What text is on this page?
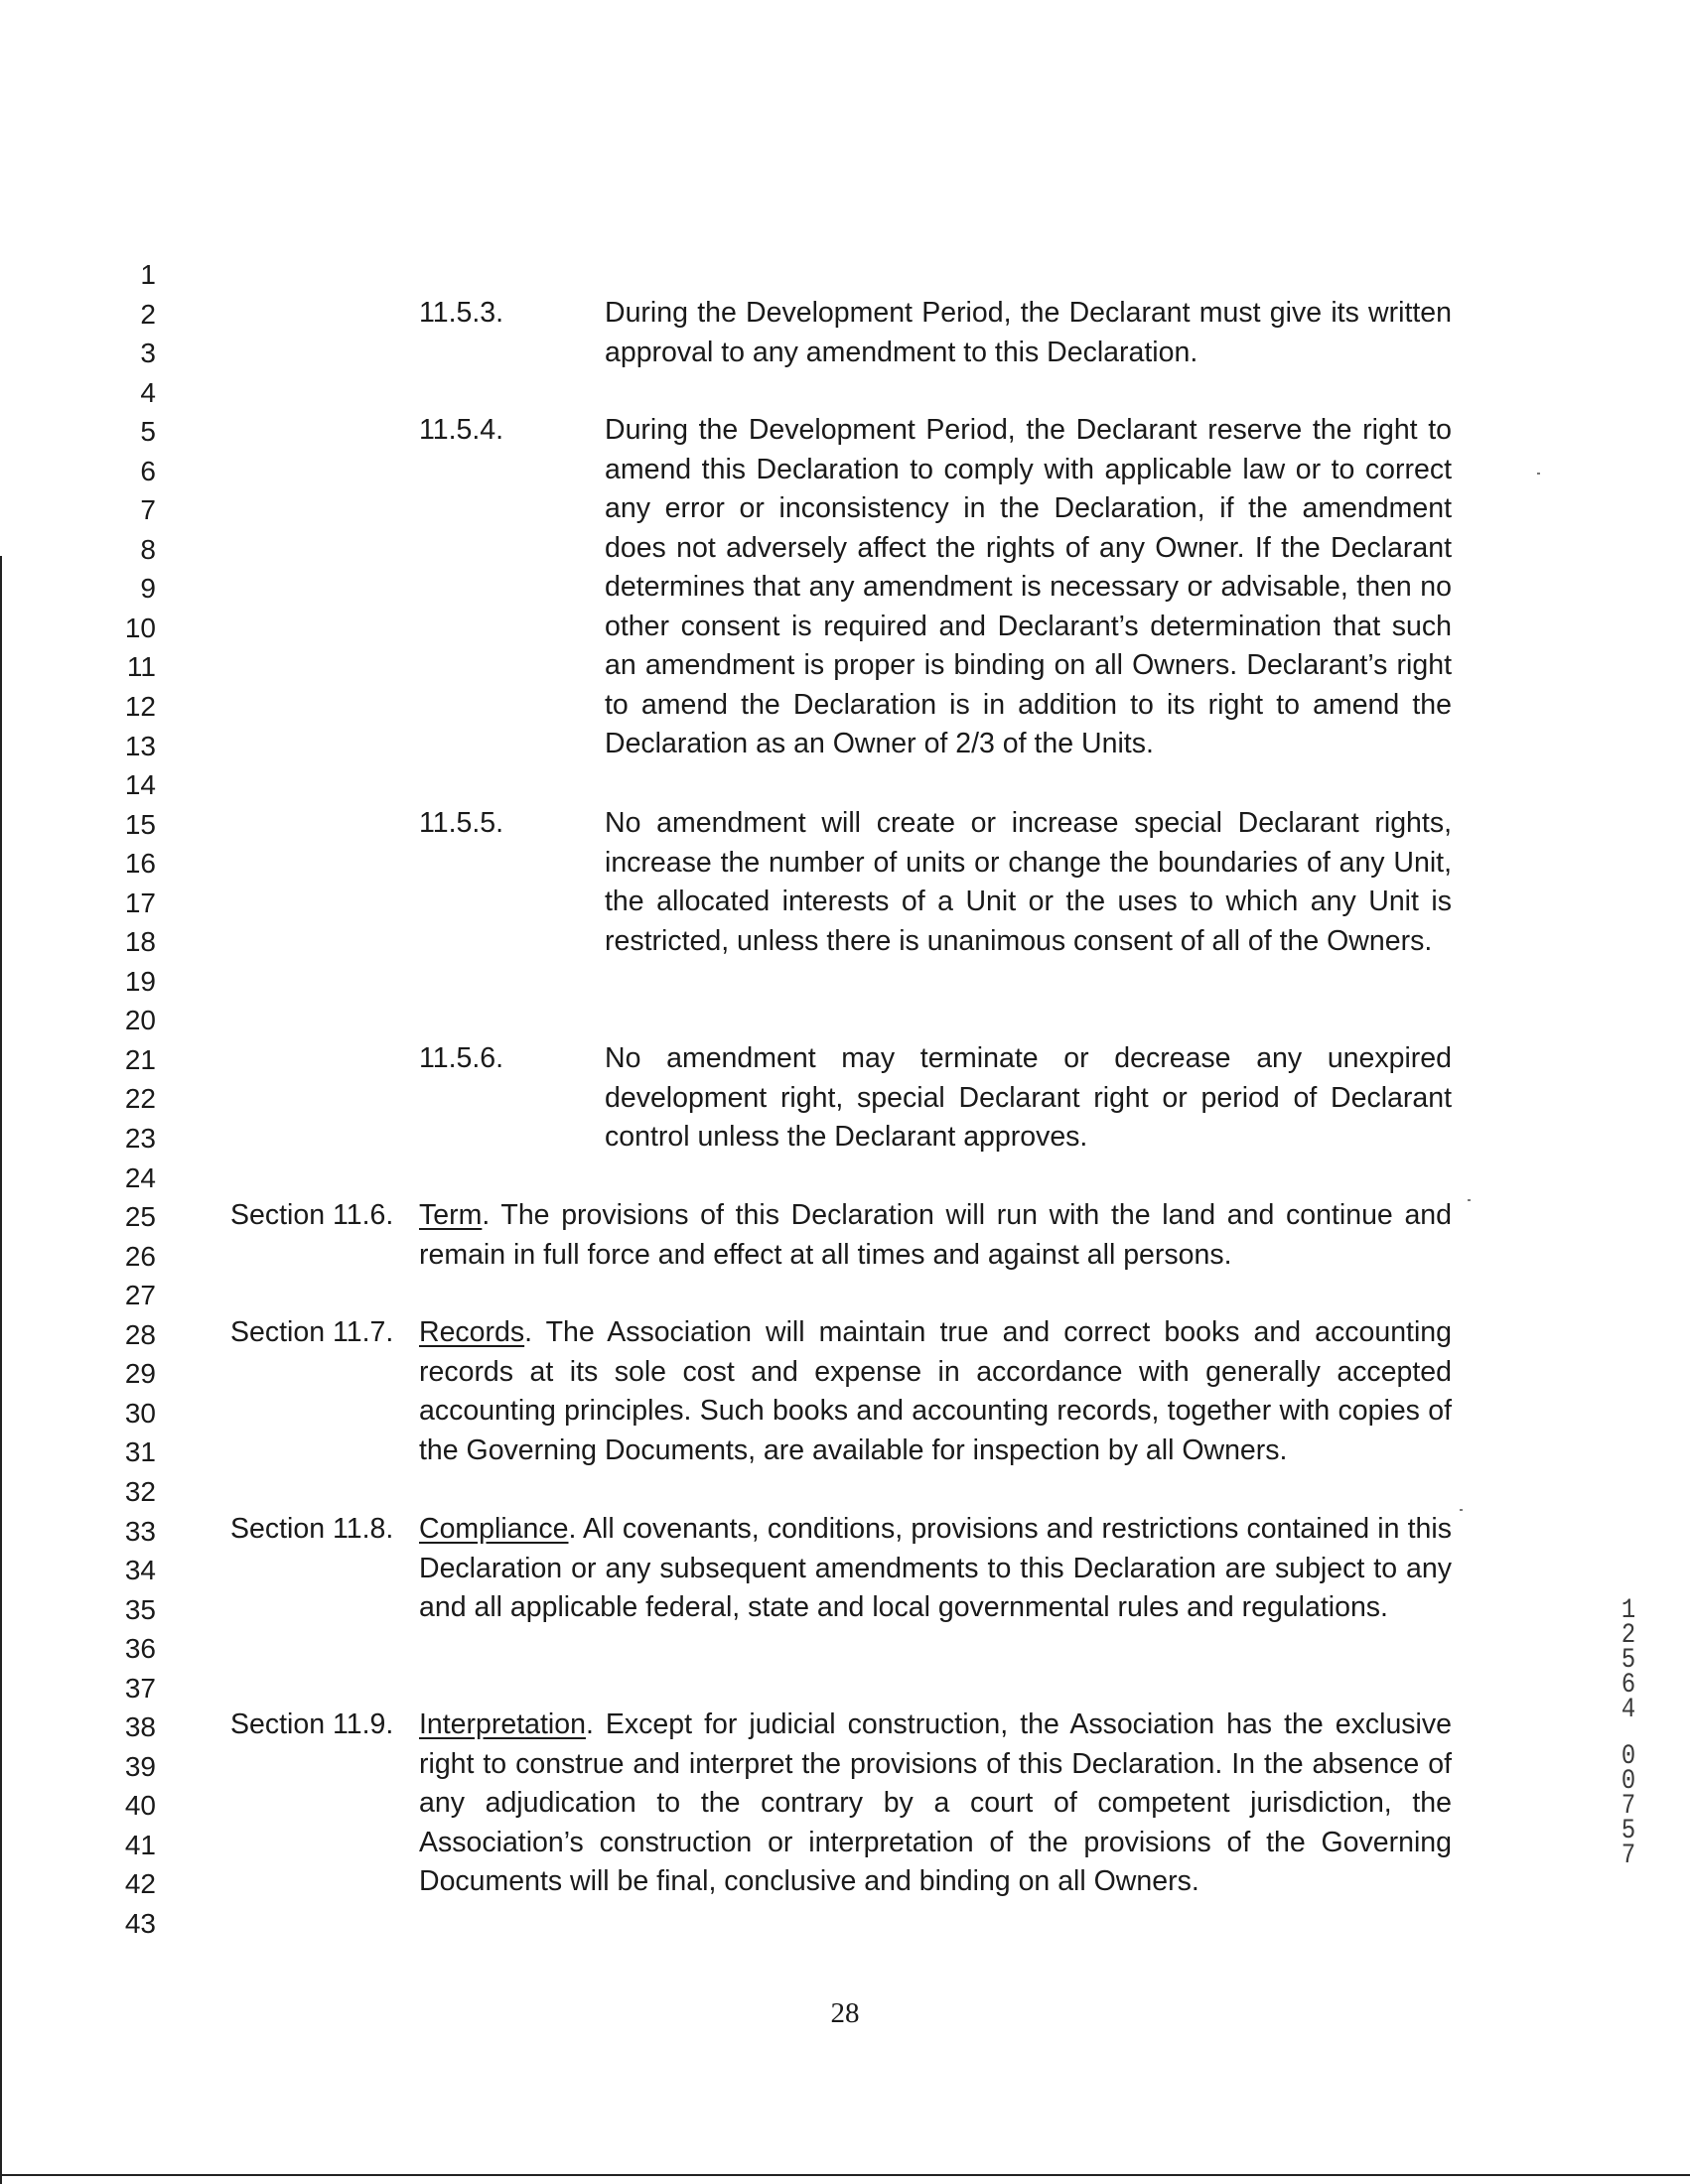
1
2
3
4
5
6
7
8
9
10
11
12
13
14
15
16
17
18
19
20
21
22
23
24
25
26
27
28
29
30
31
32
33
34
35
36
37
38
39
40
41
42
43
11.5.3.	During the Development Period, the Declarant must give its written approval to any amendment to this Declaration.
11.5.4.	During the Development Period, the Declarant reserve the right to amend this Declaration to comply with applicable law or to correct any error or inconsistency in the Declaration, if the amendment does not adversely affect the rights of any Owner. If the Declarant determines that any amendment is necessary or advisable, then no other consent is required and Declarant’s determination that such an amendment is proper is binding on all Owners. Declarant’s right to amend the Declaration is in addition to its right to amend the Declaration as an Owner of 2/3 of the Units.
11.5.5.	No amendment will create or increase special Declarant rights, increase the number of units or change the boundaries of any Unit, the allocated interests of a Unit or the uses to which any Unit is restricted, unless there is unanimous consent of all of the Owners.
11.5.6.	No amendment may terminate or decrease any unexpired development right, special Declarant right or period of Declarant control unless the Declarant approves.
Section 11.6. Term. The provisions of this Declaration will run with the land and continue and remain in full force and effect at all times and against all persons.
Section 11.7. Records. The Association will maintain true and correct books and accounting records at its sole cost and expense in accordance with generally accepted accounting principles. Such books and accounting records, together with copies of the Governing Documents, are available for inspection by all Owners.
Section 11.8. Compliance. All covenants, conditions, provisions and restrictions contained in this Declaration or any subsequent amendments to this Declaration are subject to any and all applicable federal, state and local governmental rules and regulations.
Section 11.9. Interpretation. Except for judicial construction, the Association has the exclusive right to construe and interpret the provisions of this Declaration. In the absence of any adjudication to the contrary by a court of competent jurisdiction, the Association’s construction or interpretation of the provisions of the Governing Documents will be final, conclusive and binding on all Owners.
28
1
2
5
6
4
0
0
7
5
7
